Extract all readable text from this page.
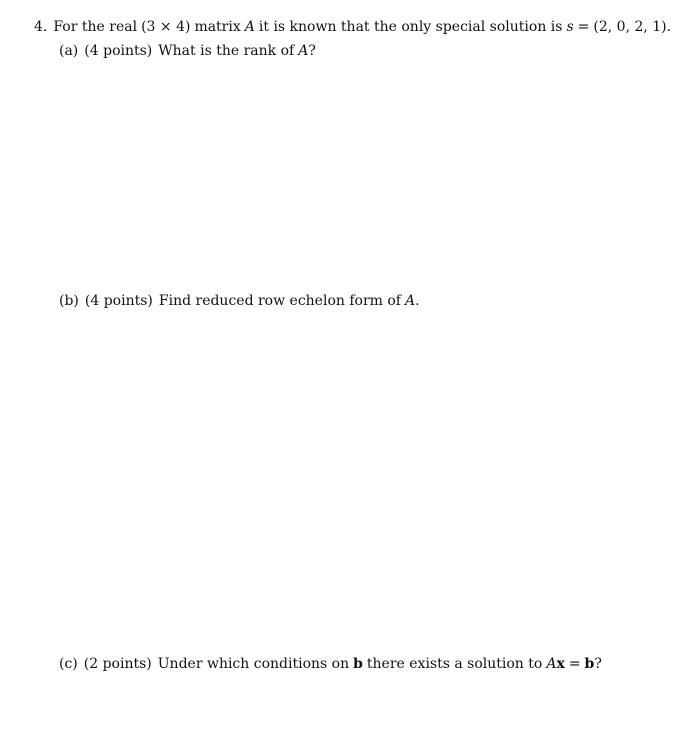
4. For the real (3 × 4) matrix A it is known that the only special solution is s = (2, 0, 2, 1).
(a) (4 points) What is the rank of A?
(b) (4 points) Find reduced row echelon form of A.
(c) (2 points) Under which conditions on b there exists a solution to Ax = b?
